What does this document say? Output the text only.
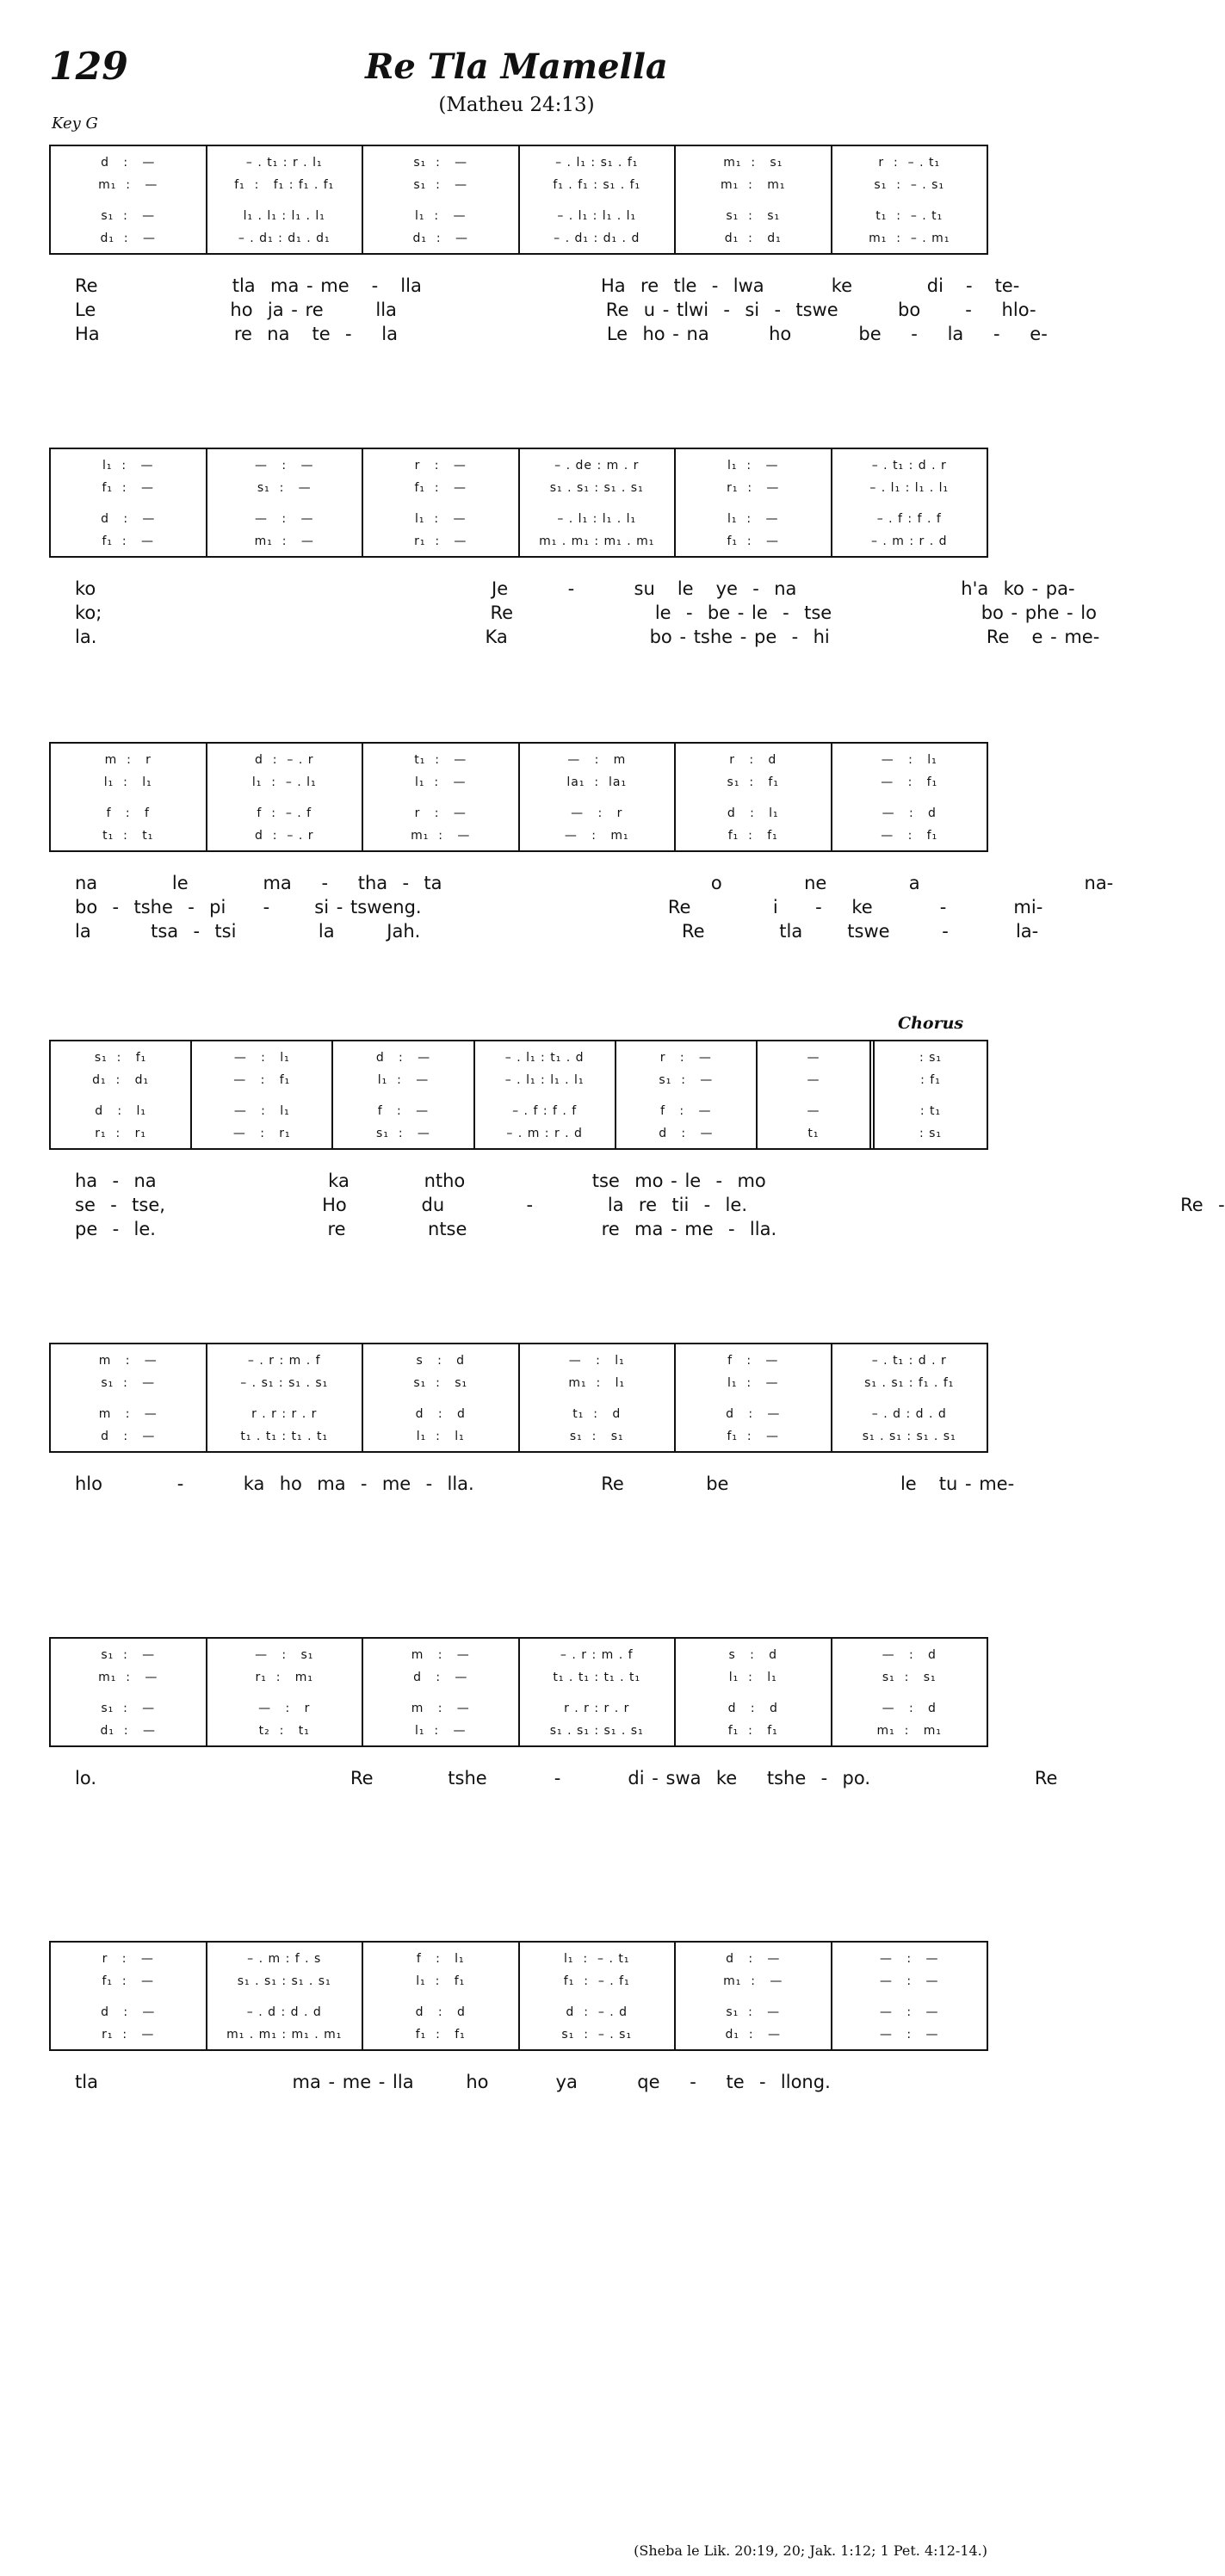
129	Re Tla Mamella
(Matheu 24:13)
Key G
Chorus
d   :   —
m₁  :   —
s₁  :   —
d₁  :   —
– . t₁ : r . l₁
f₁  :   f₁ : f₁ . f₁
l₁ . l₁ : l₁ . l₁
– . d₁ : d₁ . d₁
s₁  :   —
s₁  :   —
l₁  :   —
d₁  :   —
– . l₁ : s₁ . f₁
f₁ . f₁ : s₁ . f₁
– . l₁ : l₁ . l₁
– . d₁ : d₁ . d
m₁  :   s₁
m₁  :   m₁
s₁  :   s₁
d₁  :   d₁
r  :  – . t₁
s₁  :  – . s₁
t₁  :  – . t₁
m₁  :  – . m₁
Re                  tla  ma - me   -   lla                        Ha  re  tle  -  lwa         ke          di   -   te-
Le                  ho  ja - re       lla                            Re  u - tlwi  -  si  -  tswe        bo      -    hlo-
Ha                  re  na   te  -    la                            Le  ho - na        ho         be    -    la    -    e-
l₁  :   —
f₁  :   —
d   :   —
f₁  :   —
—   :   —
s₁  :   —
—   :   —
m₁  :   —
r   :   —
f₁  :   —
l₁  :   —
r₁  :   —
– . de : m . r
s₁ . s₁ : s₁ . s₁
– . l₁ : l₁ . l₁
m₁ . m₁ : m₁ . m₁
l₁  :   —
r₁  :   —
l₁  :   —
f₁  :   —
– . t₁ : d . r
– . l₁ : l₁ . l₁
– . f : f . f
– . m : r . d
ko                                                     Je        -        su   le   ye  -  na                      h'a  ko - pa-
ko;                                                    Re                   le  -  be - le  -  tse                    bo - phe - lo
la.                                                    Ka                   bo - tshe - pe  -  hi                     Re   e - me-
m  :   r
l₁  :   l₁
f   :   f
t₁  :   t₁
d  :  – . r
l₁  :  – . l₁
f  :  – . f
d  :  – . r
t₁  :   —
l₁  :   —
r   :   —
m₁  :   —
—   :   m
la₁  :  la₁
—   :   r
—   :   m₁
r   :   d
s₁  :   f₁
d   :   l₁
f₁  :   f₁
—   :   l₁
—   :   f₁
—   :   d
—   :   f₁
na          le          ma    -    tha  -  ta                                    o           ne           a                      na-
bo  -  tshe  -  pi     -      si - tsweng.                                 Re           i     -    ke         -         mi-
la        tsa  -  tsi           la       Jah.                                   Re          tla      tswe       -         la-
s₁  :   f₁
d₁  :   d₁
d   :   l₁
r₁  :   r₁
—   :   l₁
—   :   f₁
—   :   l₁
—   :   r₁
d   :   —
l₁  :   —
f   :   —
s₁  :   —
– . l₁ : t₁ . d
– . l₁ : l₁ . l₁
– . f : f . f
– . m : r . d
r   :   —
s₁  :   —
f   :   —
d   :   —
—
—
—
t₁
: s₁
: f₁
: t₁
: s₁
ha  -  na                       ka          ntho                 tse  mo - le  -  mo
se  -  tse,                     Ho          du           -          la  re  tii  -  le.                                                          Re  -
pe  -  le.                       re           ntse                  re  ma - me  -  lla.
m   :   —
s₁  :   —
m   :   —
d   :   —
– . r : m . f
– . s₁ : s₁ . s₁
r . r : r . r
t₁ . t₁ : t₁ . t₁
s   :   d
s₁  :   s₁
d   :   d
l₁  :   l₁
—   :   l₁
m₁  :   l₁
t₁  :   d
s₁  :   s₁
f   :   —
l₁  :   —
d   :   —
f₁  :   —
– . t₁ : d . r
s₁ . s₁ : f₁ . f₁
– . d : d . d
s₁ . s₁ : s₁ . s₁
hlo          -        ka  ho  ma  -  me  -  lla.                 Re           be                       le   tu - me-
s₁  :   —
m₁  :   —
s₁  :   —
d₁  :   —
—   :   s₁
r₁  :   m₁
—   :   r
t₂  :   t₁
m   :   —
d   :   —
m   :   —
l₁  :   —
– . r : m . f
t₁ . t₁ : t₁ . t₁
r . r : r . r
s₁ . s₁ : s₁ . s₁
s   :   d
l₁  :   l₁
d   :   d
f₁  :   f₁
—   :   d
s₁  :   s₁
—   :   d
m₁  :   m₁
lo.                                  Re          tshe         -         di - swa  ke    tshe  -  po.                      Re
r   :   —
f₁  :   —
d   :   —
r₁  :   —
– . m : f . s
s₁ . s₁ : s₁ . s₁
– . d : d . d
m₁ . m₁ : m₁ . m₁
f   :   l₁
l₁  :   f₁
d   :   d
f₁  :   f₁
l₁  :  – . t₁
f₁  :  – . f₁
d  :  – . d
s₁  :  – . s₁
d   :   —
m₁  :   —
s₁  :   —
d₁  :   —
—   :   —
—   :   —
—   :   —
—   :   —
tla                          ma - me - lla       ho         ya        qe    -    te  -  llong.
(Sheba le Lik. 20:19, 20; Jak. 1:12; 1 Pet. 4:12-14.)
